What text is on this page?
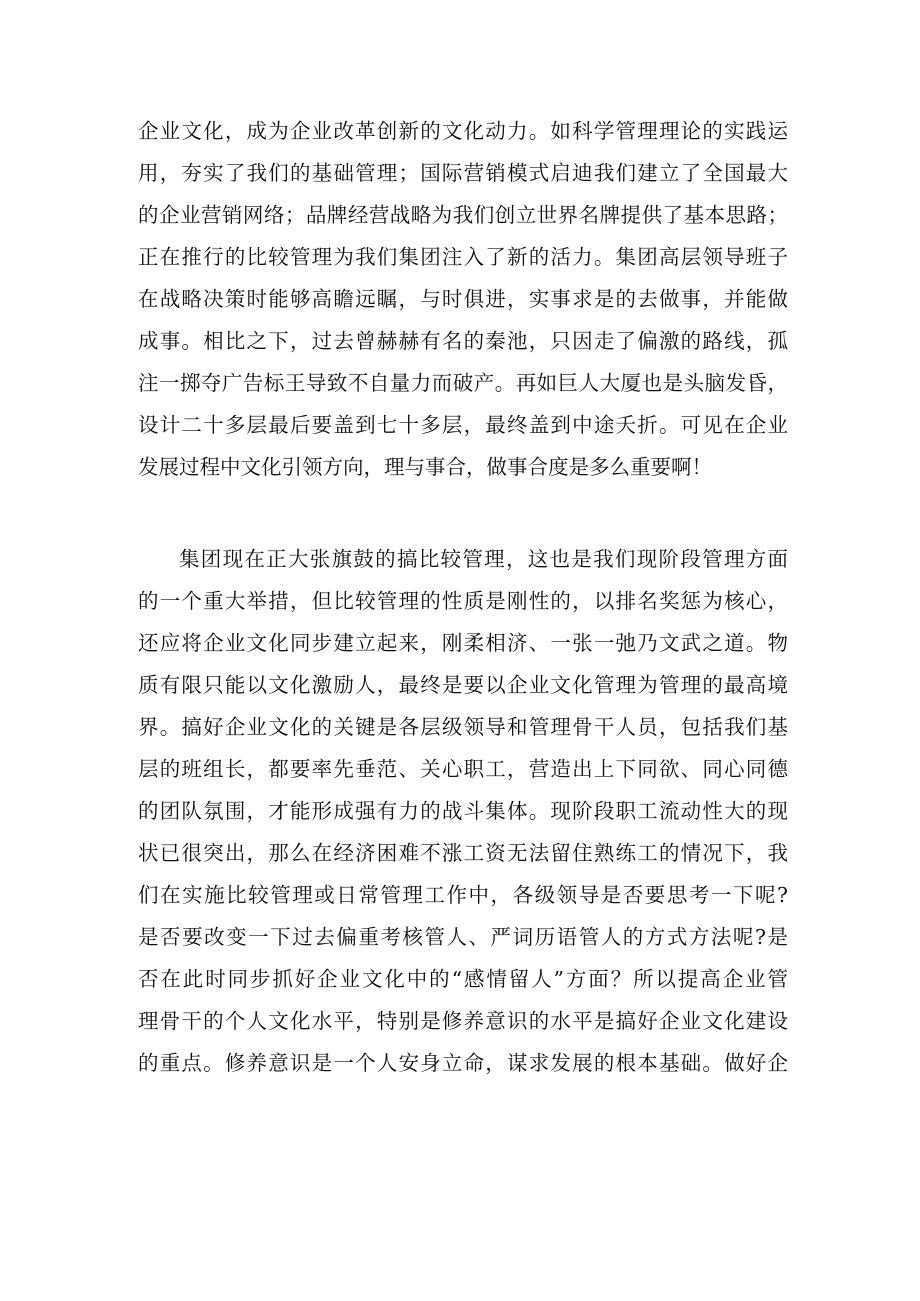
企业文化，成为企业改革创新的文化动力。如科学管理理论的实践运
用，夯实了我们的基础管理；国际营销模式启迪我们建立了全国最大
的企业营销网络；品牌经营战略为我们创立世界名牌提供了基本思路；
正在推行的比较管理为我们集团注入了新的活力。集团高层领导班子
在战略决策时能够高瞻远瞩，与时俱进，实事求是的去做事，并能做
成事。相比之下，过去曾赫赫有名的秦池，只因走了偏激的路线，孤
注一掷夺广告标王导致不自量力而破产。再如巨人大厦也是头脑发昏，
设计二十多层最后要盖到七十多层，最终盖到中途夭折。可见在企业
发展过程中文化引领方向，理与事合，做事合度是多么重要啊！
集团现在正大张旗鼓的搞比较管理，这也是我们现阶段管理方面
的一个重大举措，但比较管理的性质是刚性的，以排名奖惩为核心，
还应将企业文化同步建立起来，刚柔相济、一张一弛乃文武之道。物
质有限只能以文化激励人，最终是要以企业文化管理为管理的最高境
界。搞好企业文化的关键是各层级领导和管理骨干人员，包括我们基
层的班组长，都要率先垂范、关心职工，营造出上下同欲、同心同德
的团队氛围，才能形成强有力的战斗集体。现阶段职工流动性大的现
状已很突出，那么在经济困难不涨工资无法留住熟练工的情况下，我
们在实施比较管理或日常管理工作中，各级领导是否要思考一下呢?
是否要改变一下过去偏重考核管人、严词历语管人的方式方法呢?是
否在此时同步抓好企业文化中的“感情留人”方面？所以提高企业管
理骨干的个人文化水平，特别是修养意识的水平是搞好企业文化建设
的重点。修养意识是一个人安身立命，谋求发展的根本基础。做好企
